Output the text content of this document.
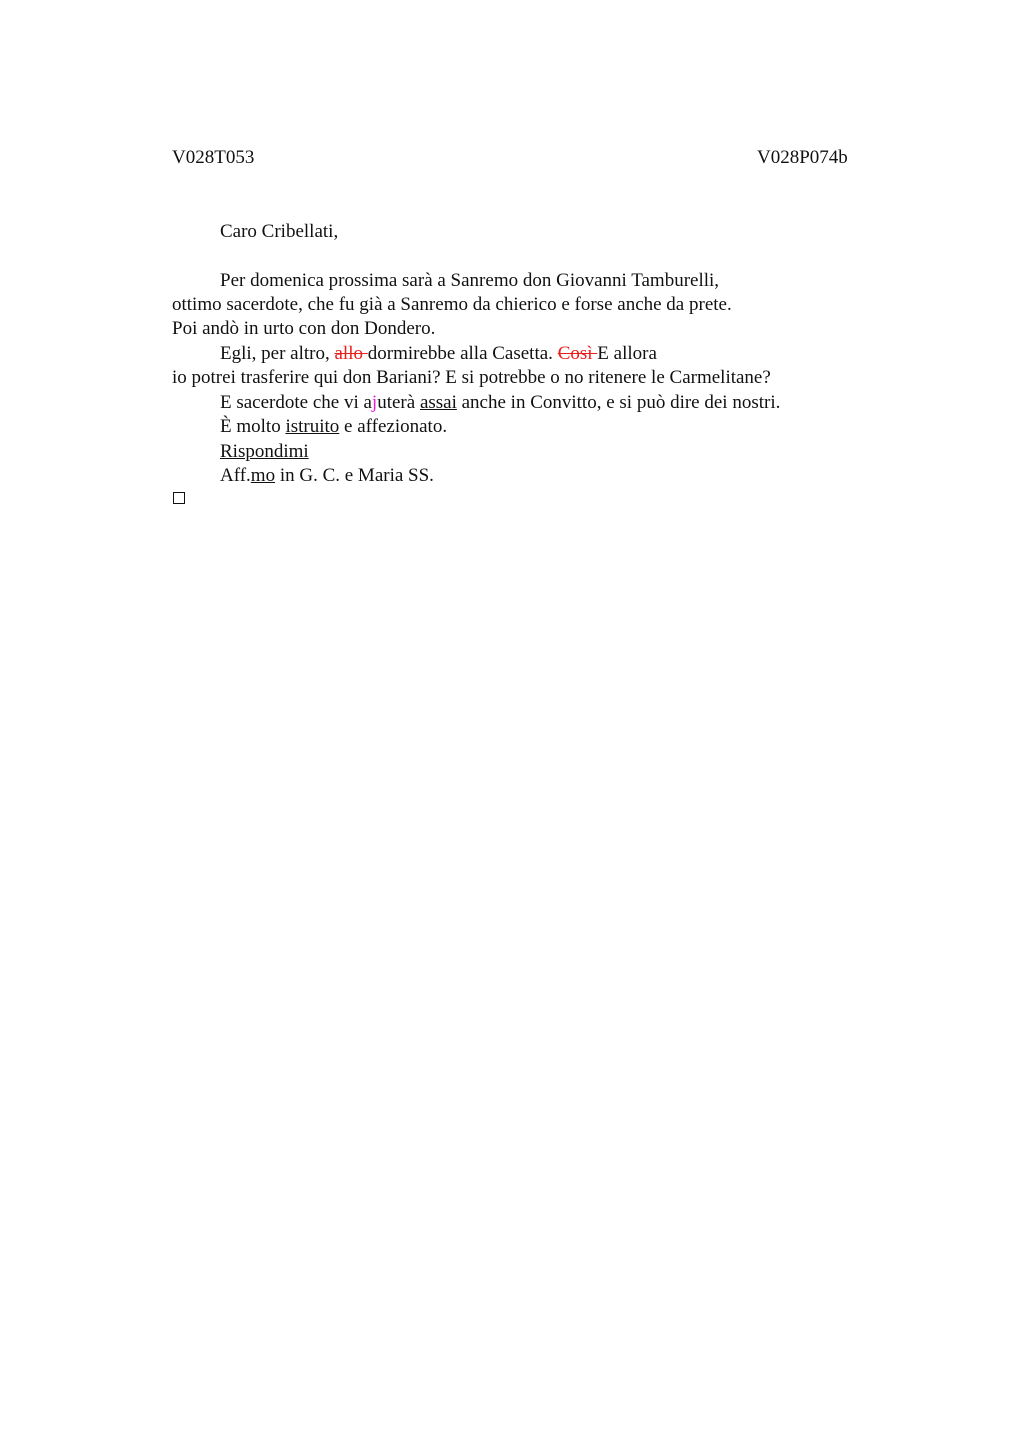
V028T053	V028P074b
Caro Cribellati,
Per domenica prossima sarà a Sanremo don Giovanni Tamburelli,
ottimo sacerdote, che fu già a Sanremo da chierico e forse anche da prete.
Poi andò in urto con don Dondero.
Egli, per altro, allo dormirebbe alla Casetta. Così E allora
io potrei trasferire qui don Bariani? E si potrebbe o no ritenere le Carmelitane?
E sacerdote che vi ajuterà assai anche in Convitto, e si può dire dei nostri.
È molto istruito e affezionato.
Rispondimi
Aff.mo in G. C. e Maria SS.
